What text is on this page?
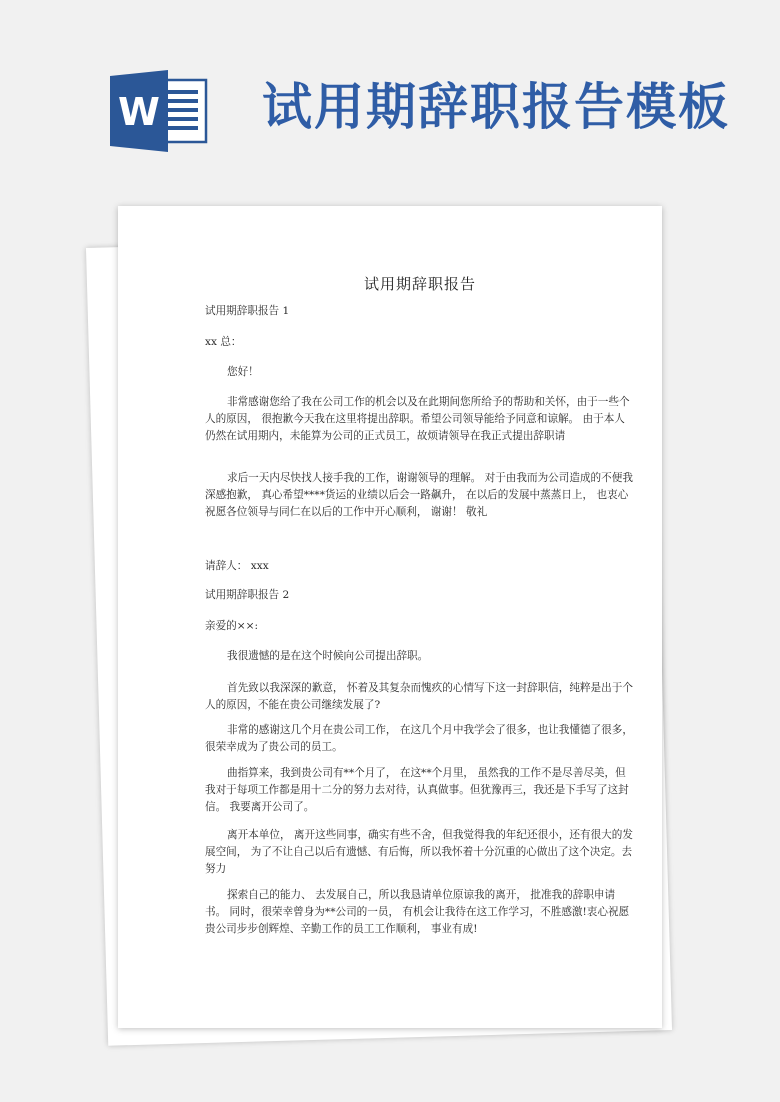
W 试用期辞职报告模板
试用期辞职报告

试用期辞职报告 1

xx 总：

您好！

非常感谢您给了我在公司工作的机会以及在此期间您所给予的帮助和关怀，由于一些个人的原因， 很抱歉今天我在这里将提出辞职。希望公司领导能给予同意和谅解。 由于本人仍然在试用期内，未能算为公司的正式员工，故烦请领导在我正式提出辞职请

求后一天内尽快找人接手我的工作，谢谢领导的理解。 对于由我而为公司造成的不便我深感抱歉， 真心希望****货运的业绩以后会一路飙升， 在以后的发展中蒸蒸日上， 也衷心祝愿各位领导与同仁在以后的工作中开心顺利， 谢谢！ 敬礼

请辞人： xxx

试用期辞职报告 2

亲爱的××:

我很遗憾的是在这个时候向公司提出辞职。

首先致以我深深的歉意， 怀着及其复杂而愧疚的心情写下这一封辞职信，纯粹是出于个人的原因，不能在贵公司继续发展了?

非常的感谢这几个月在贵公司工作， 在这几个月中我学会了很多，也让我懂德了很多，很荣幸成为了贵公司的员工。

曲指算来，我到贵公司有**个月了， 在这**个月里， 虽然我的工作不是尽善尽美，但我对于每项工作都是用十二分的努力去对待，认真做事。但犹豫再三，我还是下手写了这封信。 我要离开公司了。

离开本单位， 离开这些同事，确实有些不舍，但我觉得我的年纪还很小，还有很大的发展空间， 为了不让自己以后有遗憾、有后悔，所以我怀着十分沉重的心做出了这个决定。去努力

探索自己的能力、 去发展自己，所以我恳请单位原谅我的离开， 批准我的辞职申请书。 同时，很荣幸曾身为**公司的一员， 有机会让我待在这工作学习，不胜感激!衷心祝愿贵公司步步创辉煌、辛勤工作的员工工作顺利， 事业有成!
